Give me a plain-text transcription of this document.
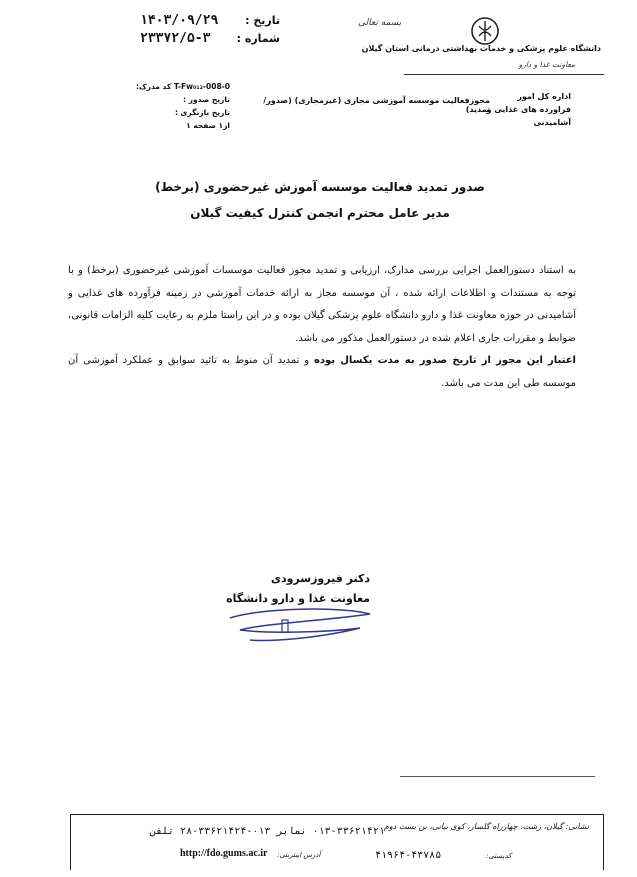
تاریخ :
۱۴۰۳/۰۹/۲۹
شماره :
۲۳۳۷۲/۵-۳
بسمه تعالی
دانشگاه علوم پزشکی و خدمات بهداشتی درمانی استان گیلان
معاونت غذا و دارو
T-Fw₀₁₂-008-0 کد مدرک:
تاریخ صدور :
تاریخ بازنگری :
از۱ صفحه ۱
مجوزفعالیت موسسه آموزشی مجازی (غیرمجازی) (صدور/تمدید)
اداره کل امور
فراورده های غذایی و آشامیدنی
صدور تمدید فعالیت موسسه آموزش غیرحضوری (برخط)
مدیر عامل محترم انجمن کنترل کیفیت گیلان

به استناد دستورالعمل اجرایی بررسی مدارک، ارزیابی و تمدید مجوز فعالیت موسسات آموزشی غیرحضوری (برخط) و با توجه به مستندات و اطلاعات ارائه شده ، آن موسسه مجاز به ارائه خدمات آموزشی در زمینه فرآورده های غذایی و آشامیدنی در حوزه معاونت غذا و دارو دانشگاه علوم پزشکی گیلان بوده و در این راستا ملزم به رعایت کلیه الزامات قانونی، ضوابط و مقررات جاری اعلام شده در دستورالعمل مذکور می باشد.

اعتبار این مجوز از تاریخ صدور به مدت یکسال بوده و تمدید آن منوط به تائید سوابق و عملکرد آموزشی آن موسسه طی این مدت می باشد.

دکتر فیروزسرودی
معاونت غذا و دارو دانشگاه
نشانی: گیلان، رشت، چهارراه گلسار، کوی بیانی، بن بست دوم
۰۱۳-۳۳۶۲۱۴۲۱ نمابر ۰۱۳-۳۳۶۲۱۴۲۴-۲۸ تلفن
http://fdo.gums.ac.ir آدرس اینترنتی:	۴۱۹۶۴-۴۳۷۸۵	کدپستی:
